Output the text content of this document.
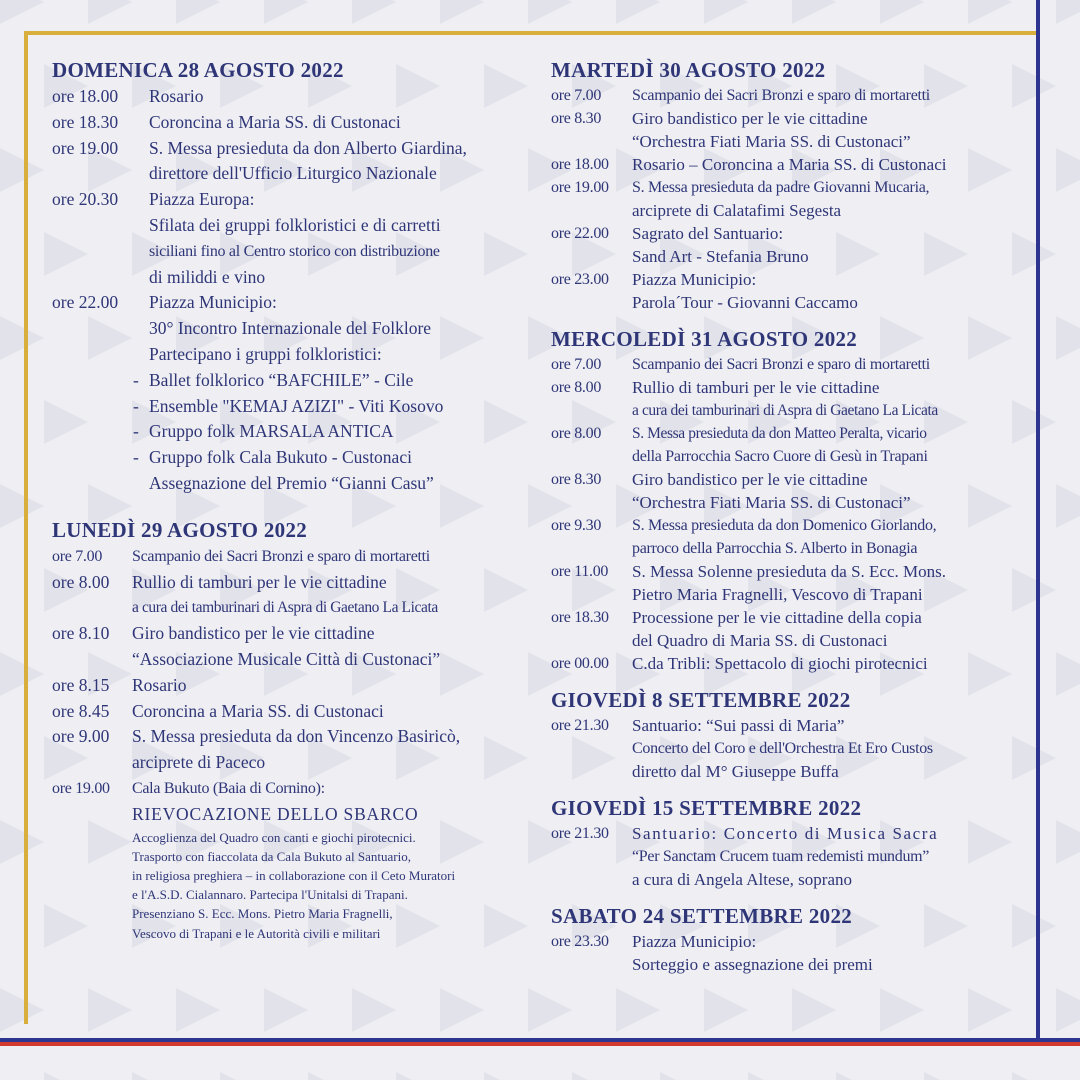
DOMENICA 28 AGOSTO 2022
ore 18.00	Rosario
ore 18.30	Coroncina a Maria SS. di Custonaci
ore 19.00	S. Messa presieduta da don Alberto Giardina,
direttore dell'Ufficio Liturgico Nazionale
ore 20.30	Piazza Europa:
Sfilata dei gruppi folkloristici e di carretti
siciliani fino al Centro storico con distribuzione
di miliddi e vino
ore 22.00	Piazza Municipio:
30° Incontro Internazionale del Folklore
Partecipano i gruppi folkloristici:
- Ballet folklorico “BAFCHILE” - Cile
- Ensemble "KEMAJ AZIZI" - Viti Kosovo
- Gruppo folk MARSALA ANTICA
- Gruppo folk Cala Bukuto - Custonaci
Assegnazione del Premio “Gianni Casu”
LUNEDÌ 29 AGOSTO 2022
ore 7.00	Scampanio dei Sacri Bronzi e sparo di mortaretti
ore 8.00	Rullio di tamburi per le vie cittadine
a cura dei tamburinari di Aspra di Gaetano La Licata
ore 8.10	Giro bandistico per le vie cittadine
“Associazione Musicale Città di Custonaci”
ore 8.15	Rosario
ore 8.45	Coroncina a Maria SS. di Custonaci
ore 9.00	S. Messa presieduta da don Vincenzo Basiricò,
arciprete di Paceco
ore 19.00	Cala Bukuto (Baia di Cornino):
RIEVOCAZIONE DELLO SBARCO
Accoglienza del Quadro con canti e giochi pirotecnici.
Trasporto con fiaccolata da Cala Bukuto al Santuario,
in religiosa preghiera – in collaborazione con il Ceto Muratori
e l'A.S.D. Cialannaro. Partecipa l'Unitalsi di Trapani.
Presenziano S. Ecc. Mons. Pietro Maria Fragnelli,
Vescovo di Trapani e le Autorità civili e militari
MARTEDÌ 30 AGOSTO 2022
ore 7.00	Scampanio dei Sacri Bronzi e sparo di mortaretti
ore 8.30	Giro bandistico per le vie cittadine
“Orchestra Fiati Maria SS. di Custonaci”
ore 18.00	Rosario – Coroncina a Maria SS. di Custonaci
ore 19.00	S. Messa presieduta da padre Giovanni Mucaria,
arciprete di Calatafimi Segesta
ore 22.00	Sagrato del Santuario:
Sand Art - Stefania Bruno
ore 23.00	Piazza Municipio:
Parola´Tour - Giovanni Caccamo
MERCOLEDÌ 31 AGOSTO 2022
ore 7.00	Scampanio dei Sacri Bronzi e sparo di mortaretti
ore 8.00	Rullio di tamburi per le vie cittadine
a cura dei tamburinari di Aspra di Gaetano La Licata
ore 8.00	S. Messa presieduta da don Matteo Peralta, vicario
della Parrocchia Sacro Cuore di Gesù in Trapani
ore 8.30	Giro bandistico per le vie cittadine
“Orchestra Fiati Maria SS. di Custonaci”
ore 9.30	S. Messa presieduta da don Domenico Giorlando,
parroco della Parrocchia S. Alberto in Bonagia
ore 11.00	S. Messa Solenne presieduta da S. Ecc. Mons.
Pietro Maria Fragnelli, Vescovo di Trapani
ore 18.30	Processione per le vie cittadine della copia
del Quadro di Maria SS. di Custonaci
ore 00.00	C.da Tribli: Spettacolo di giochi pirotecnici
GIOVEDÌ 8 SETTEMBRE 2022
ore 21.30	Santuario: “Sui passi di Maria”
Concerto del Coro e dell'Orchestra Et Ero Custos
diretto dal M° Giuseppe Buffa
GIOVEDÌ 15 SETTEMBRE 2022
ore 21.30	Santuario: Concerto di Musica Sacra
“Per Sanctam Crucem tuam redemisti mundum”
a cura di Angela Altese, soprano
SABATO 24 SETTEMBRE 2022
ore 23.30	Piazza Municipio:
Sorteggio e assegnazione dei premi
